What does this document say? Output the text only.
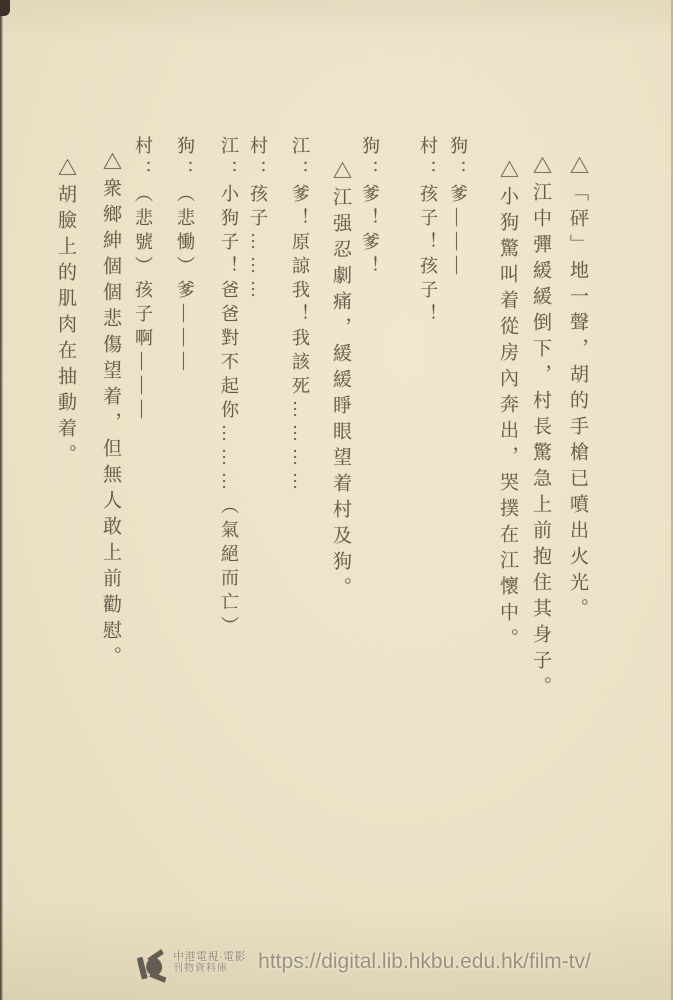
△「砰」地一聲，胡的手槍已噴出火光。
△江中彈緩緩倒下，村長驚急上前抱住其身子。
△小狗驚叫着從房內奔出，哭撲在江懷中。
狗：爹———
村：孩子！孩子！
狗：爹！爹！
△江强忍劇痛，緩緩睜眼望着村及狗。
江：爹！原諒我！我該死…………
村：孩子………
江：小狗子！爸爸對不起你………（氣絕而亡）
狗：（悲慟）爹———
村：（悲號）孩子啊———
△衆鄉紳個個悲傷望着，但無人敢上前勸慰。
△胡臉上的肌肉在抽動着。
中港電視·電影
刊物資料庫	https://digital.lib.hkbu.edu.hk/film-tv/
